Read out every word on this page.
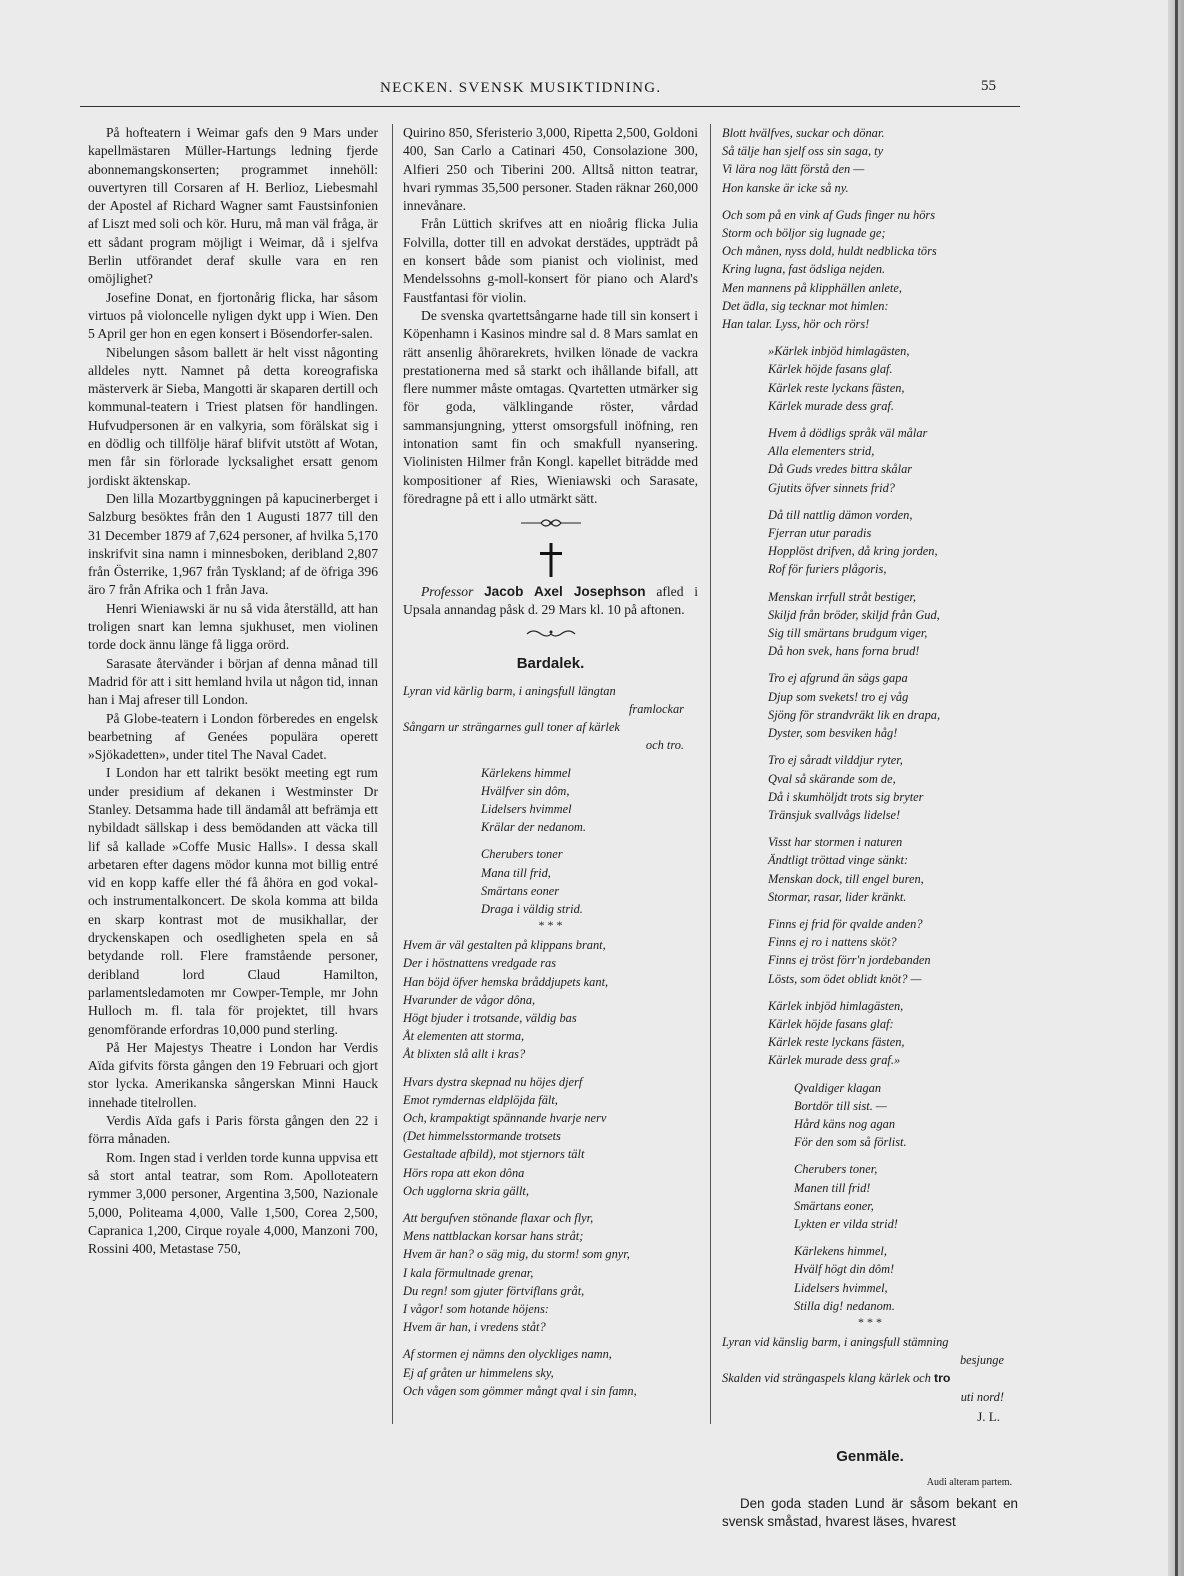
NECKEN. SVENSK MUSIKTIDNING.	55

På hofteatern i Weimar gafs den 9 Mars under kapellmästaren Müller-Hartungs ledning fjerde abonnemangskonserten; programmet innehöll: ouvertyren till Corsaren af H. Berlioz, Liebesmahl der Apostel af Richard Wagner samt Faustsinfonien af Liszt med soli och kör. Huru, må man väl fråga, är ett sådant program möjligt i Weimar, då i sjelfva Berlin utförandet deraf skulle vara en ren omöjlighet?

Josefine Donat, en fjortonårig flicka, har såsom virtuos på violoncelle nyligen dykt upp i Wien. Den 5 April ger hon en egen konsert i Bösendorfer-salen.

Nibelungen såsom ballett är helt visst någonting alldeles nytt. Namnet på detta koreografiska mästerverk är Sieba, Mangotti är skaparen dertill och kommunal-teatern i Triest platsen för handlingen. Hufvudpersonen är en valkyria, som förälskat sig i en dödlig och tillfölje häraf blifvit utstött af Wotan, men får sin förlorade lycksalighet ersatt genom jordiskt äktenskap.

Den lilla Mozartbyggningen på kapucinerberget i Salzburg besöktes från den 1 Augusti 1877 till den 31 December 1879 af 7,624 personer, af hvilka 5,170 inskrifvit sina namn i minnesboken, deribland 2,807 från Österrike, 1,967 från Tyskland; af de öfriga 396 äro 7 från Afrika och 1 från Java.

Henri Wieniawski är nu så vida återställd, att han troligen snart kan lemna sjukhuset, men violinen torde dock ännu länge få ligga orörd.

Sarasate återvänder i början af denna månad till Madrid för att i sitt hemland hvila ut någon tid, innan han i Maj afreser till London.

På Globe-teatern i London förberedes en engelsk bearbetning af Genées populära operett »Sjökadetten», under titel The Naval Cadet.

I London har ett talrikt besökt meeting egt rum under presidium af dekanen i Westminster Dr Stanley. Detsamma hade till ändamål att befrämja ett nybildadt sällskap i dess bemödanden att väcka till lif så kallade »Coffe Music Halls». I dessa skall arbetaren efter dagens mödor kunna mot billig entré vid en kopp kaffe eller thé få åhöra en god vokal- och instrumentalkoncert. De skola komma att bilda en skarp kontrast mot de musikhallar, der dryckenskapen och osedligheten spela en så betydande roll. Flere framstående personer, deribland lord Claud Hamilton, parlamentsledamoten mr Cowper-Temple, mr John Hulloch m. fl. tala för projektet, till hvars genomförande erfordras 10,000 pund sterling.

På Her Majestys Theatre i London har Verdis Aïda gifvits första gången den 19 Februari och gjort stor lycka. Amerikanska sångerskan Minni Hauck innehade titelrollen.

Verdis Aïda gafs i Paris första gången den 22 i förra månaden.

Rom. Ingen stad i verlden torde kunna uppvisa ett så stort antal teatrar, som Rom. Apolloteatern rymmer 3,000 personer, Argentina 3,500, Nazionale 5,000, Politeama 4,000, Valle 1,500, Corea 2,500, Capranica 1,200, Cirque royale 4,000, Manzoni 700, Rossini 400, Metastase 750,

Quirino 850, Sferisterio 3,000, Ripetta 2,500, Goldoni 400, San Carlo a Catinari 450, Consolazione 300, Alfieri 250 och Tiberini 200. Alltså nitton teatrar, hvari rymmas 35,500 personer. Staden räknar 260,000 innevånare.

Från Lüttich skrifves att en nioårig flicka Julia Folvilla, dotter till en advokat derstädes, uppträdt på en konsert både som pianist och violinist, med Mendelssohns g-moll-konsert för piano och Alard's Faustfantasi för violin.

De svenska qvartettsångarne hade till sin konsert i Köpenhamn i Kasinos mindre sal d. 8 Mars samlat en rätt ansenlig åhörarekrets, hvilken lönade de vackra prestationerna med så starkt och ihållande bifall, att flere nummer måste omtagas. Qvartetten utmärker sig för goda, välklingande röster, vårdad sammansjungning, ytterst omsorgsfull inöfning, ren intonation samt fin och smakfull nyansering. Violinisten Hilmer från Kongl. kapellet biträdde med kompositioner af Ries, Wieniawski och Sarasate, föredragne på ett i allo utmärkt sätt.

Professor Jacob Axel Josephson afled i Upsala annandag påsk d. 29 Mars kl. 10 på aftonen.

Bardalek.
Lyran vid kärlig barm, i aningsfull längtan
framlockar
Sångarn ur strängarnes gull toner af kärlek
och tro.
Kärlekens himmel
Hvälfver sin dôm,
Lidelsers hvimmel
Krälar der nedanom.
Cherubers toner
Mana till frid,
Smärtans eoner
Draga i väldig strid.
* * *
Hvem är väl gestalten på klippans brant,
Der i höstnattens vredgade ras
Han böjd öfver hemska bråddjupets kant,
Hvarunder de vågor dôna,
Högt bjuder i trotsande, väldig bas
Åt elementen att storma,
Åt blixten slå allt i kras?
Hvars dystra skepnad nu höjes djerf
Emot rymdernas eldplöjda fält,
Och, krampaktigt spännande hvarje nerv
(Det himmelsstormande trotsets
Gestaltade afbild), mot stjernors tält
Hörs ropa att ekon dôna
Och ugglorna skria gällt,
Att bergufven stönande flaxar och flyr,
Mens nattblackan korsar hans stråt;
Hvem är han? o säg mig, du storm! som gnyr,
I kala förmultnade grenar,
Du regn! som gjuter förtviflans gråt,
I vågor! som hotande höjens:
Hvem är han, i vredens ståt?
Af stormen ej nämns den olyckliges namn,
Ej af gråten ur himmelens sky,
Och vågen som gömmer mångt qval i sin famn,
Blott hvälfves, suckar och dönar.
Så tälje han sjelf oss sin saga, ty
Vi lära nog lätt förstå den —
Hon kanske är icke så ny.
Och som på en vink af Guds finger nu hörs
Storm och böljor sig lugnade ge;
Och månen, nyss dold, huldt nedblicka törs
Kring lugna, fast ödsliga nejden.
Men mannens på klipphällen anlete,
Det ädla, sig tecknar mot himlen:
Han talar. Lyss, hör och rörs!
»Kärlek inbjöd himlagästen,
Kärlek höjde fasans glaf.
Kärlek reste lyckans fästen,
Kärlek murade dess graf.
Hvem å dödligs språk väl målar
Alla elementers strid,
Då Guds vredes bittra skålar
Gjutits öfver sinnets frid?
Då till nattlig dämon vorden,
Fjerran utur paradis
Hopplöst drifven, då kring jorden,
Rof för furiers plågoris,
Menskan irrfull stråt bestiger,
Skiljd från bröder, skiljd från Gud,
Sig till smärtans brudgum viger,
Då hon svek, hans forna brud!
Tro ej afgrund än sägs gapa
Djup som svekets! tro ej våg
Sjöng för strandvräkt lik en drapa,
Dyster, som besviken håg!
Tro ej såradt vilddjur ryter,
Qval så skärande som de,
Då i skumhöljdt trots sig bryter
Tränsjuk svallvågs lidelse!
Visst har stormen i naturen
Ändtligt tröttad vinge sänkt:
Menskan dock, till engel buren,
Stormar, rasar, lider kränkt.
Finns ej frid för qvalde anden?
Finns ej ro i nattens sköt?
Finns ej tröst förr'n jordebanden
Lösts, som ödet oblidt knöt? —
Kärlek inbjöd himlagästen,
Kärlek höjde fasans glaf:
Kärlek reste lyckans fästen,
Kärlek murade dess graf.»
Qvaldiger klagan
Bortdör till sist. —
Hård käns nog agan
För den som så förlist.
Cherubers toner,
Manen till frid!
Smärtans eoner,
Lykten er vilda strid!
Kärlekens himmel,
Hvälf högt din dôm!
Lidelsers hvimmel,
Stilla dig! nedanom.
* * *
Lyran vid känslig barm, i aningsfull stämning
besjunge
Skalden vid strängaspels klang kärlek och tro
uti nord!
J. L.
Genmäle.
Audi alteram partem.

Den goda staden Lund är såsom bekant en svensk småstad, hvarest läses, hvarest
